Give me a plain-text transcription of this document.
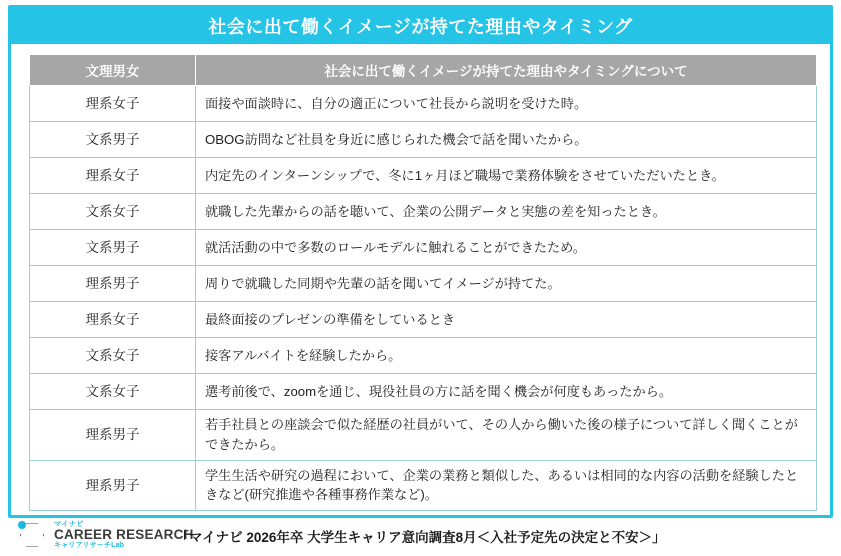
社会に出て働くイメージが持てた理由やタイミング
文理男女	社会に出て働くイメージが持てた理由やタイミングについて
理系女子	面接や面談時に、自分の適正について社長から説明を受けた時。
文系男子	OBOG訪問など社員を身近に感じられた機会で話を聞いたから。
理系女子	内定先のインターンシップで、冬に1ヶ月ほど職場で業務体験をさせていただいたとき。
文系女子	就職した先輩からの話を聴いて、企業の公開データと実態の差を知ったとき。
文系男子	就活活動の中で多数のロールモデルに触れることができたため。
理系男子	周りで就職した同期や先輩の話を聞いてイメージが持てた。
理系女子	最終面接のプレゼンの準備をしているとき
文系女子	接客アルバイトを経験したから。
文系女子	選考前後で、zoomを通じ、現役社員の方に話を聞く機会が何度もあったから。
理系男子	若手社員との座談会で似た経歴の社員がいて、その人から働いた後の様子について詳しく聞くことができたから。
理系男子	学生生活や研究の過程において、企業の業務と類似した、あるいは相同的な内容の活動を経験したときなど(研究推進や各種事務作業など)。
マイナビ
CAREER RESEARCH
キャリアリサーチLab
「マイナビ 2026年卒 大学生キャリア意向調査8月＜入社予定先の決定と不安＞」
